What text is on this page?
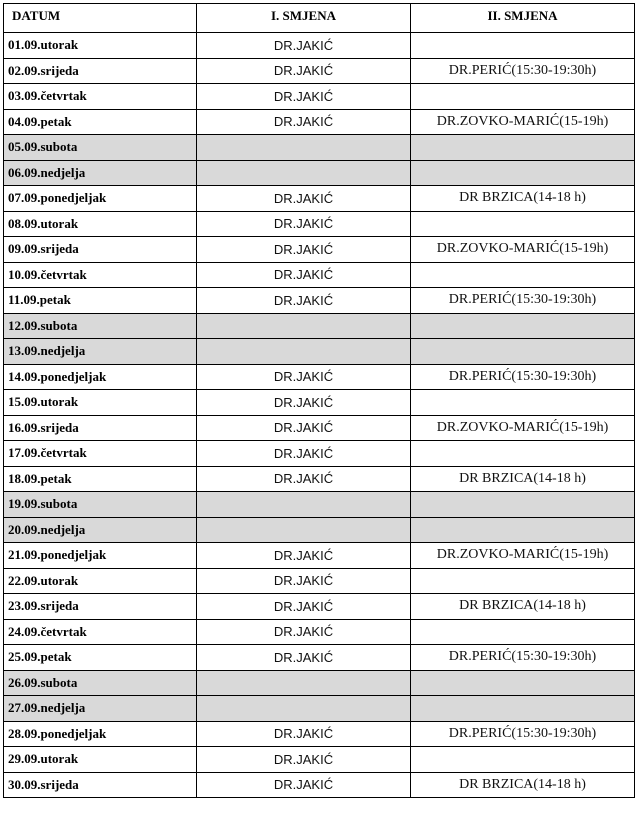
DATUM	I. SMJENA	II. SMJENA
01.09.utorak	DR.JAKIĆ	
02.09.srijeda	DR.JAKIĆ	DR.PERIĆ(15:30-19:30h)
03.09.četvrtak	DR.JAKIĆ	
04.09.petak	DR.JAKIĆ	DR.ZOVKO-MARIĆ(15-19h)
05.09.subota		
06.09.nedjelja		
07.09.ponedjeljak	DR.JAKIĆ	DR BRZICA(14-18 h)
08.09.utorak	DR.JAKIĆ	
09.09.srijeda	DR.JAKIĆ	DR.ZOVKO-MARIĆ(15-19h)
10.09.četvrtak	DR.JAKIĆ	
11.09.petak	DR.JAKIĆ	DR.PERIĆ(15:30-19:30h)
12.09.subota		
13.09.nedjelja		
14.09.ponedjeljak	DR.JAKIĆ	DR.PERIĆ(15:30-19:30h)
15.09.utorak	DR.JAKIĆ	
16.09.srijeda	DR.JAKIĆ	DR.ZOVKO-MARIĆ(15-19h)
17.09.četvrtak	DR.JAKIĆ	
18.09.petak	DR.JAKIĆ	DR BRZICA(14-18 h)
19.09.subota		
20.09.nedjelja		
21.09.ponedjeljak	DR.JAKIĆ	DR.ZOVKO-MARIĆ(15-19h)
22.09.utorak	DR.JAKIĆ	
23.09.srijeda	DR.JAKIĆ	DR BRZICA(14-18 h)
24.09.četvrtak	DR.JAKIĆ	
25.09.petak	DR.JAKIĆ	DR.PERIĆ(15:30-19:30h)
26.09.subota		
27.09.nedjelja		
28.09.ponedjeljak	DR.JAKIĆ	DR.PERIĆ(15:30-19:30h)
29.09.utorak	DR.JAKIĆ	
30.09.srijeda	DR.JAKIĆ	DR BRZICA(14-18 h)
